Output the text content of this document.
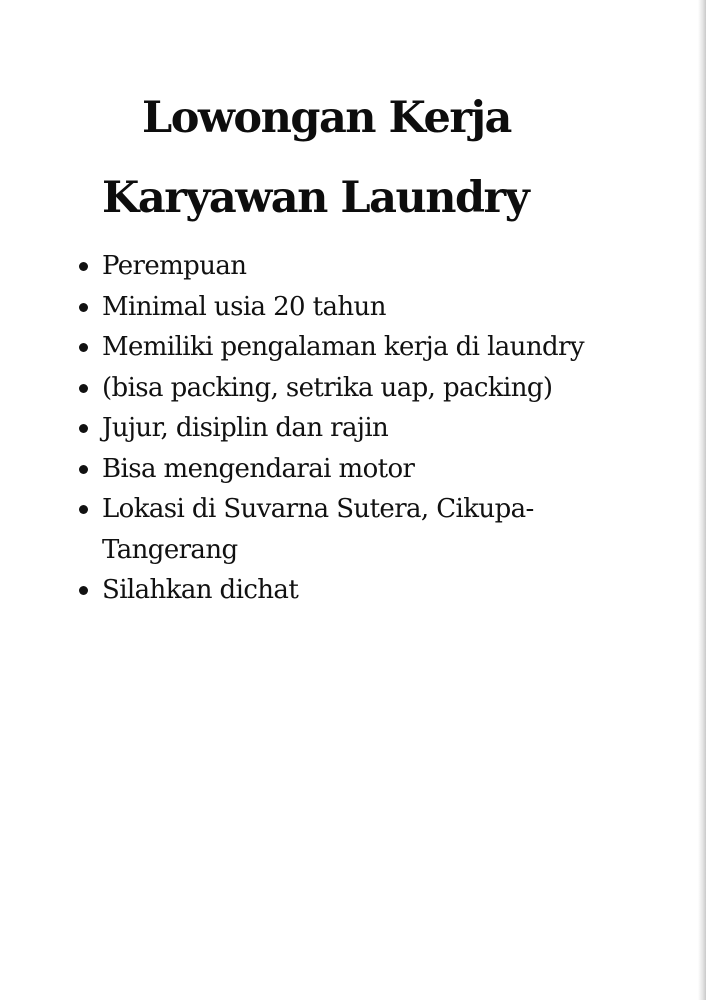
Lowongan Kerja
Karyawan Laundry
Perempuan
Minimal usia 20 tahun
Memiliki pengalaman kerja di laundry
(bisa packing, setrika uap, packing)
Jujur, disiplin dan rajin
Bisa mengendarai motor
Lokasi di Suvarna Sutera, Cikupa-Tangerang
Silahkan dichat
